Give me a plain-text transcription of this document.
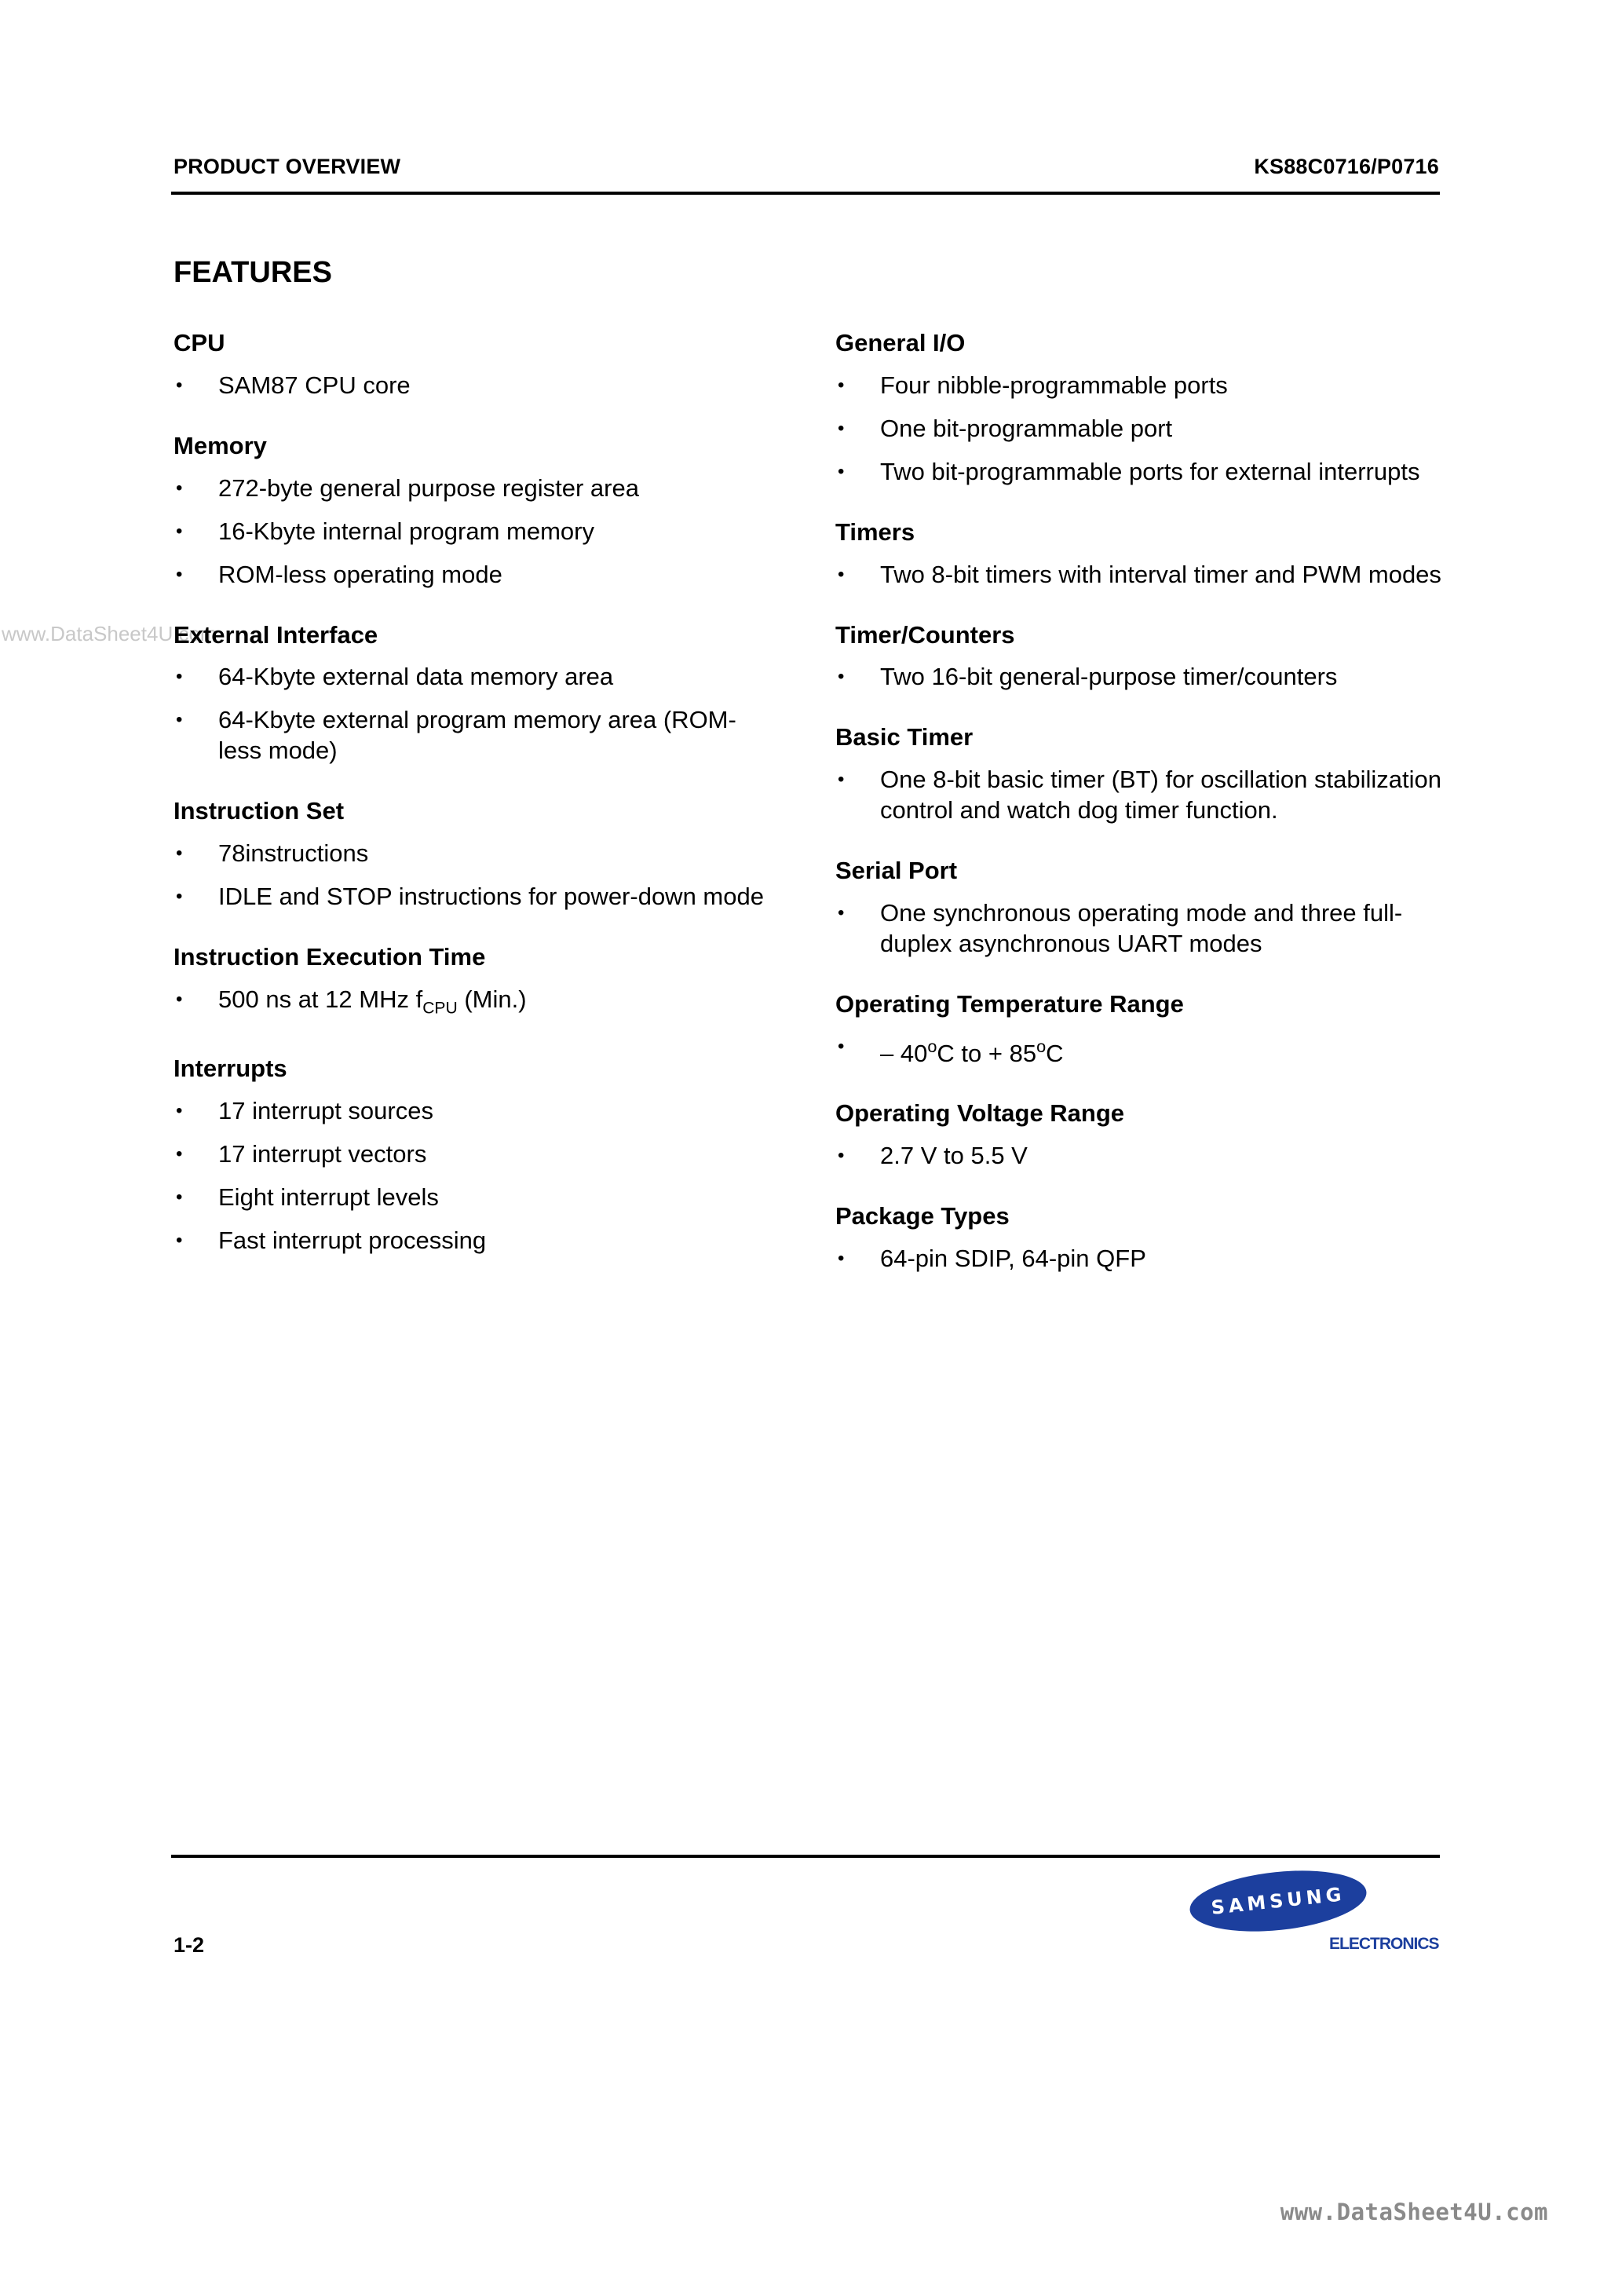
PRODUCT OVERVIEW	KS88C0716/P0716
FEATURES
www.DataSheet4U.com
CPU
• SAM87 CPU core
Memory
• 272-byte general purpose register area
• 16-Kbyte internal program memory
• ROM-less operating mode
External Interface
• 64-Kbyte external data memory area
• 64-Kbyte external program memory area (ROM-less mode)
Instruction Set
• 78instructions
• IDLE and STOP instructions for power-down mode
Instruction Execution Time
• 500 ns at 12 MHz $f_{CPU}$ (Min.)
Interrupts
• 17 interrupt sources
• 17 interrupt vectors
• Eight interrupt levels
• Fast interrupt processing
General I/O
• Four nibble-programmable ports
• One bit-programmable port
• Two bit-programmable ports for external interrupts
Timers
• Two 8-bit timers with interval timer and PWM modes
Timer/Counters
• Two 16-bit general-purpose timer/counters
Basic Timer
• One 8-bit basic timer (BT) for oscillation stabilization control and watch dog timer function.
Serial Port
• One synchronous operating mode and three full-duplex asynchronous UART modes
Operating Temperature Range
• – 40$^o$C to + $85^oC$
Operating Voltage Range
• 2.7 V to 5.5 V
Package Types
• 64-pin SDIP, 64-pin QFP
1-2
SAMSUNG
ELECTRONICS
www.DataSheet4U.com
